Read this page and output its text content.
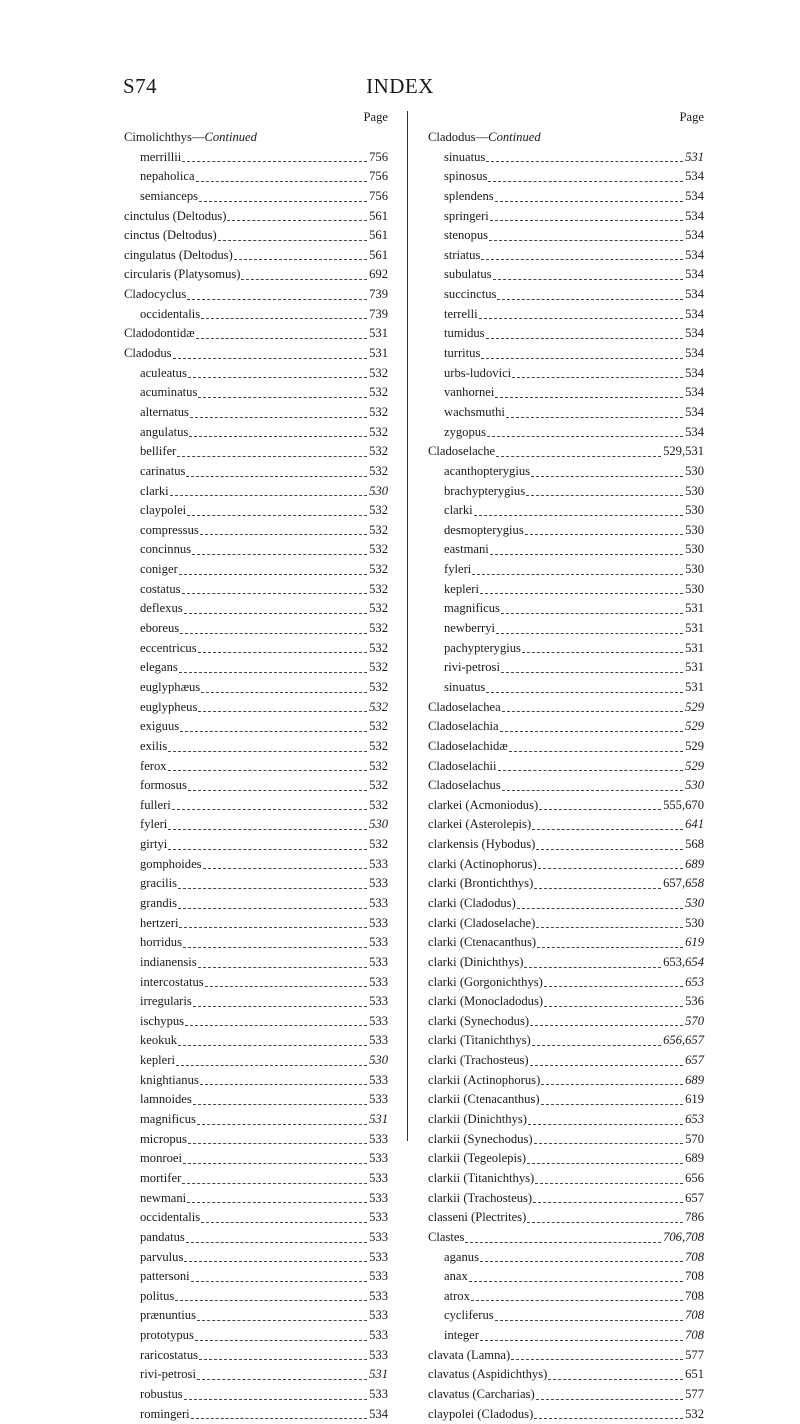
S74	INDEX
Page
Cimolichthys—Continued
merrillii	756
nepaholica	756
semianceps	756
cinctulus (Deltodus)	561
cinctus (Deltodus)	561
cingulatus (Deltodus)	561
circularis (Platysomus)	692
Cladocyclus	739
occidentalis	739
Cladodontidæ	531
Cladodus	531
aculeatus	532
acuminatus	532
alternatus	532
angulatus	532
bellifer	532
carinatus	532
clarki	530
claypolei	532
compressus	532
concinnus	532
coniger	532
costatus	532
deflexus	532
eboreus	532
eccentricus	532
elegans	532
euglyphæus	532
euglypheus	532
exiguus	532
exilis	532
ferox	532
formosus	532
fulleri	532
fyleri	530
girtyi	532
gomphoides	533
gracilis	533
grandis	533
hertzeri	533
horridus	533
indianensis	533
intercostatus	533
irregularis	533
ischypus	533
keokuk	533
kepleri	530
knightianus	533
lamnoides	533
magnificus	531
micropus	533
monroei	533
mortifer	533
newmani	533
occidentalis	533
pandatus	533
parvulus	533
pattersoni	533
politus	533
prænuntius	533
prototypus	533
raricostatus	533
rivi-petrosi	531
robustus	533
romingeri	534
Page
Cladodus—Continued
sinuatus	531
spinosus	534
splendens	534
springeri	534
stenopus	534
striatus	534
subulatus	534
succinctus	534
terrelli	534
tumidus	534
turritus	534
urbs-ludovici	534
vanhornei	534
wachsmuthi	534
zygopus	534
Cladoselache	529,531
acanthopterygius	530
brachypterygius	530
clarki	530
desmopterygius	530
eastmani	530
fyleri	530
kepleri	530
magnificus	531
newberryi	531
pachypterygius	531
rivi-petrosi	531
sinuatus	531
Cladoselachea	529
Cladoselachia	529
Cladoselachidæ	529
Cladoselachii	529
Cladoselachus	530
clarkei (Acmoniodus)	555,670
clarkei (Asterolepis)	641
clarkensis (Hybodus)	568
clarki (Actinophorus)	689
clarki (Brontichthys)	657,658
clarki (Cladodus)	530
clarki (Cladoselache)	530
clarki (Ctenacanthus)	619
clarki (Dinichthys)	653,654
clarki (Gorgonichthys)	653
clarki (Monocladodus)	536
clarki (Synechodus)	570
clarki (Titanichthys)	656,657
clarki (Trachosteus)	657
clarkii (Actinophorus)	689
clarkii (Ctenacanthus)	619
clarkii (Dinichthys)	653
clarkii (Synechodus)	570
clarkii (Tegeolepis)	689
clarkii (Titanichthys)	656
clarkii (Trachosteus)	657
classeni (Plectrites)	786
Clastes	706,708
aganus	708
anax	708
atrox	708
cycliferus	708
integer	708
clavata (Lamna)	577
clavatus (Aspidichthys)	651
clavatus (Carcharias)	577
claypolei (Cladodus)	532
